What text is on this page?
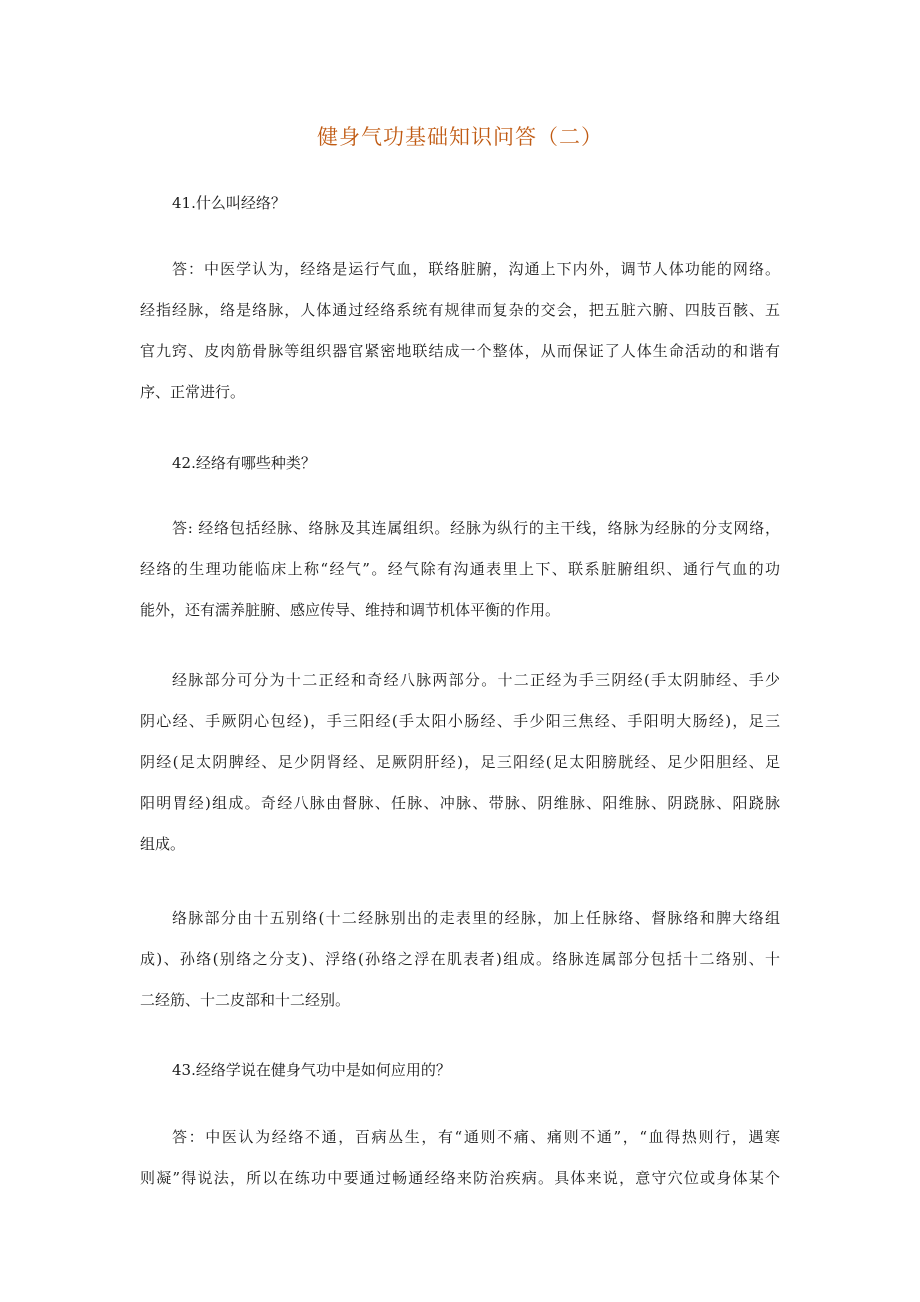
健身气功基础知识问答（二）
41.什么叫经络？
答：中医学认为，经络是运行气血，联络脏腑，沟通上下内外，调节人体功能的网络。
经指经脉，络是络脉，人体通过经络系统有规律而复杂的交会，把五脏六腑、四肢百骸、五
官九窍、皮肉筋骨脉等组织器官紧密地联结成一个整体，从而保证了人体生命活动的和谐有
序、正常进行。
42.经络有哪些种类？
答: 经络包括经脉、络脉及其连属组织。经脉为纵行的主干线，络脉为经脉的分支网络，
经络的生理功能临床上称“经气”。经气除有沟通表里上下、联系脏腑组织、通行气血的功
能外，还有濡养脏腑、感应传导、维持和调节机体平衡的作用。
经脉部分可分为十二正经和奇经八脉两部分。十二正经为手三阴经(手太阴肺经、手少
阴心经、手厥阴心包经)，手三阳经(手太阳小肠经、手少阳三焦经、手阳明大肠经)，足三
阴经(足太阴脾经、足少阴肾经、足厥阴肝经)，足三阳经(足太阳膀胱经、足少阳胆经、足
阳明胃经)组成。奇经八脉由督脉、任脉、冲脉、带脉、阴维脉、阳维脉、阴跷脉、阳跷脉
组成。
络脉部分由十五别络(十二经脉别出的走表里的经脉，加上任脉络、督脉络和脾大络组
成)、孙络(别络之分支)、浮络(孙络之浮在肌表者)组成。络脉连属部分包括十二络别、十
二经筋、十二皮部和十二经别。
43.经络学说在健身气功中是如何应用的？
答：中医认为经络不通，百病丛生，有“通则不痛、痛则不通”，“血得热则行，遇寒
则凝”得说法，所以在练功中要通过畅通经络来防治疾病。具体来说，意守穴位或身体某个
